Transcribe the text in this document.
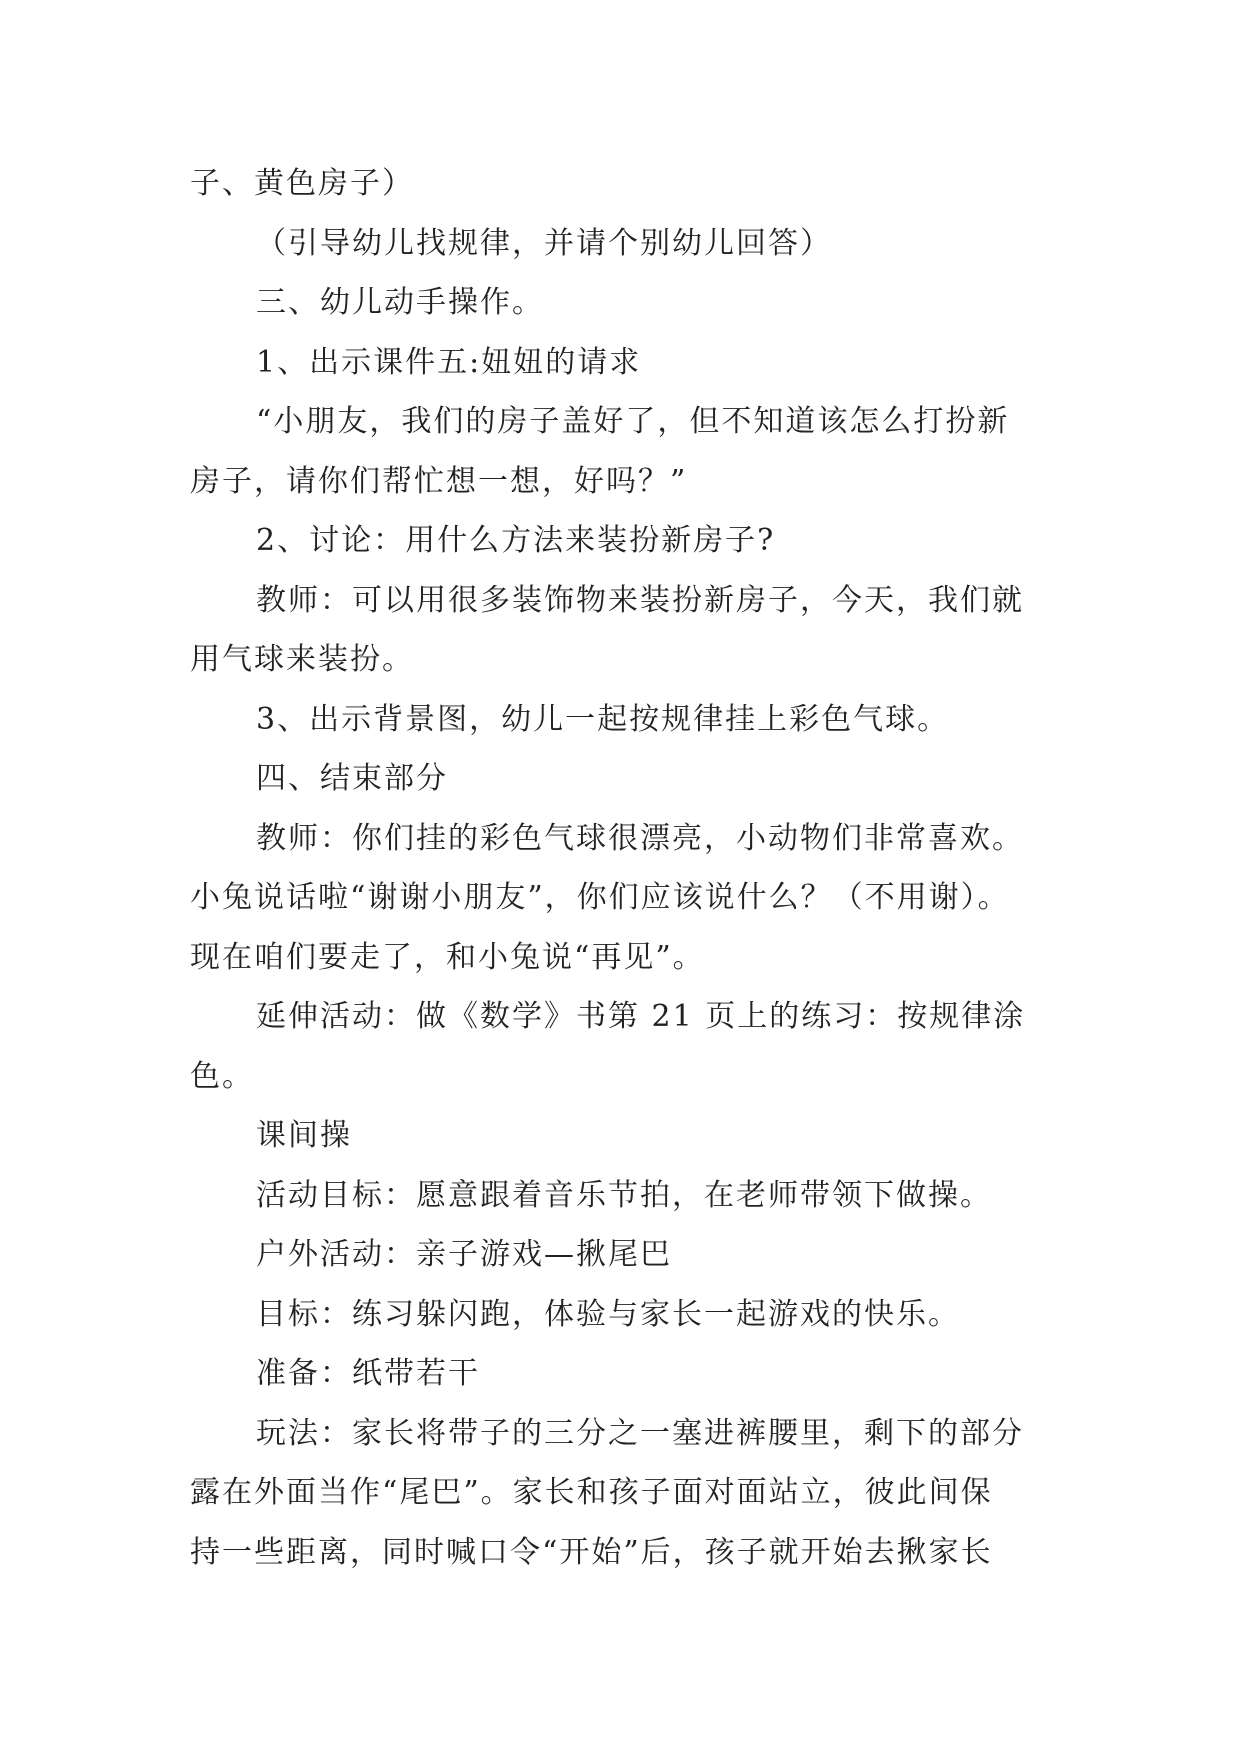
子、黄色房子）
（引导幼儿找规律，并请个别幼儿回答）
三、幼儿动手操作。
1、出示课件五:妞妞的请求
“小朋友，我们的房子盖好了，但不知道该怎么打扮新
房子，请你们帮忙想一想，好吗？”
2、讨论：用什么方法来装扮新房子?
教师：可以用很多装饰物来装扮新房子，今天，我们就
用气球来装扮。
3、出示背景图，幼儿一起按规律挂上彩色气球。
四、结束部分
教师：你们挂的彩色气球很漂亮，小动物们非常喜欢。
小兔说话啦“谢谢小朋友”，你们应该说什么？（不用谢）。
现在咱们要走了，和小兔说“再见”。
延伸活动：做《数学》书第 21 页上的练习：按规律涂
色。
课间操
活动目标：愿意跟着音乐节拍，在老师带领下做操。
户外活动：亲子游戏—揪尾巴
目标：练习躲闪跑，体验与家长一起游戏的快乐。
准备：纸带若干
玩法：家长将带子的三分之一塞进裤腰里，剩下的部分
露在外面当作“尾巴”。家长和孩子面对面站立，彼此间保
持一些距离，同时喊口令“开始”后，孩子就开始去揪家长
